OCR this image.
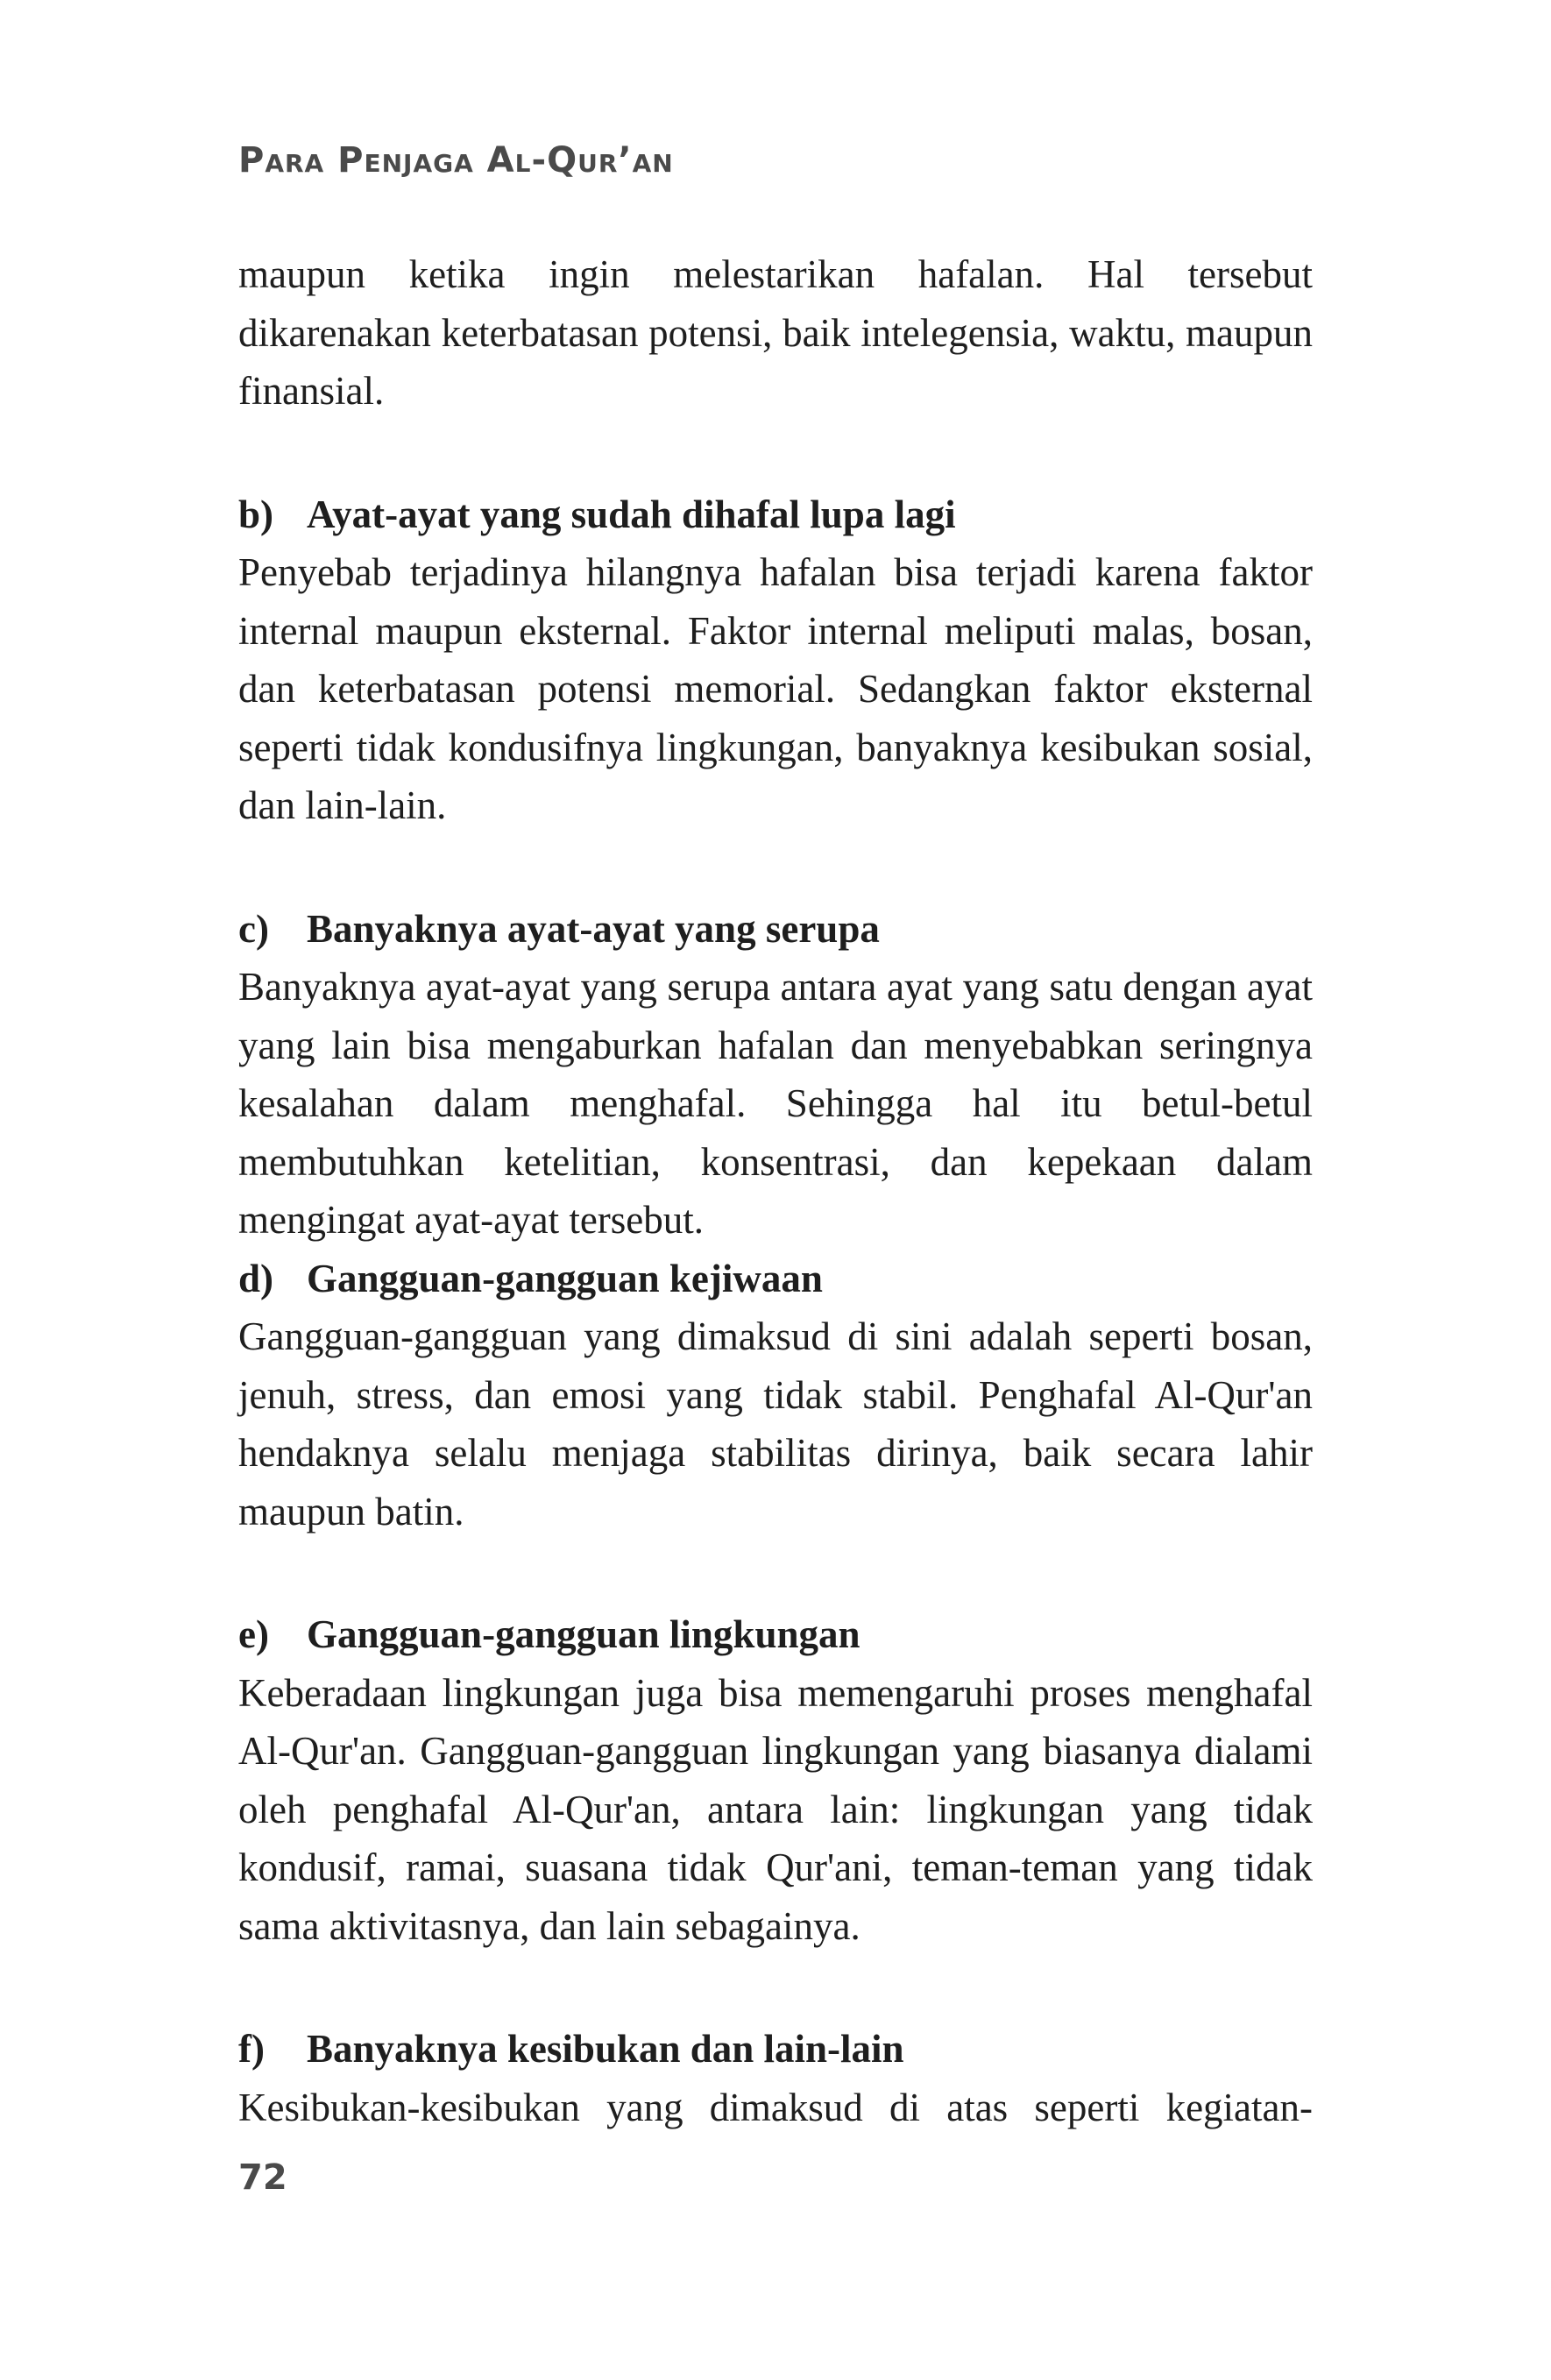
Para Penjaga Al-Qur’an

maupun ketika ingin melestarikan hafalan. Hal tersebut dikarenakan keterbatasan potensi, baik intelegensia, waktu, maupun finansial.

b) Ayat-ayat yang sudah dihafal lupa lagi

Penyebab terjadinya hilangnya hafalan bisa terjadi karena faktor internal maupun eksternal. Faktor internal meliputi malas, bosan, dan keterbatasan potensi memorial. Sedangkan faktor eksternal seperti tidak kondusifnya lingkungan, banyaknya kesibukan sosial, dan lain-lain.

c) Banyaknya ayat-ayat yang serupa

Banyaknya ayat-ayat yang serupa antara ayat yang satu dengan ayat yang lain bisa mengaburkan hafalan dan menyebabkan seringnya kesalahan dalam menghafal. Sehingga hal itu betul-betul membutuhkan ketelitian, konsentrasi, dan kepekaan dalam mengingat ayat-ayat tersebut.

d) Gangguan-gangguan kejiwaan

Gangguan-gangguan yang dimaksud di sini adalah seperti bosan, jenuh, stress, dan emosi yang tidak stabil. Penghafal Al-Qur'an hendaknya selalu menjaga stabilitas dirinya, baik secara lahir maupun batin.

e) Gangguan-gangguan lingkungan

Keberadaan lingkungan juga bisa memengaruhi proses menghafal Al-Qur'an. Gangguan-gangguan lingkungan yang biasanya dialami oleh penghafal Al-Qur'an, antara lain: lingkungan yang tidak kondusif, ramai, suasana tidak Qur'ani, teman-teman yang tidak sama aktivitasnya, dan lain sebagainya.

f) Banyaknya kesibukan dan lain-lain

Kesibukan-kesibukan yang dimaksud di atas seperti kegiatan-

72
